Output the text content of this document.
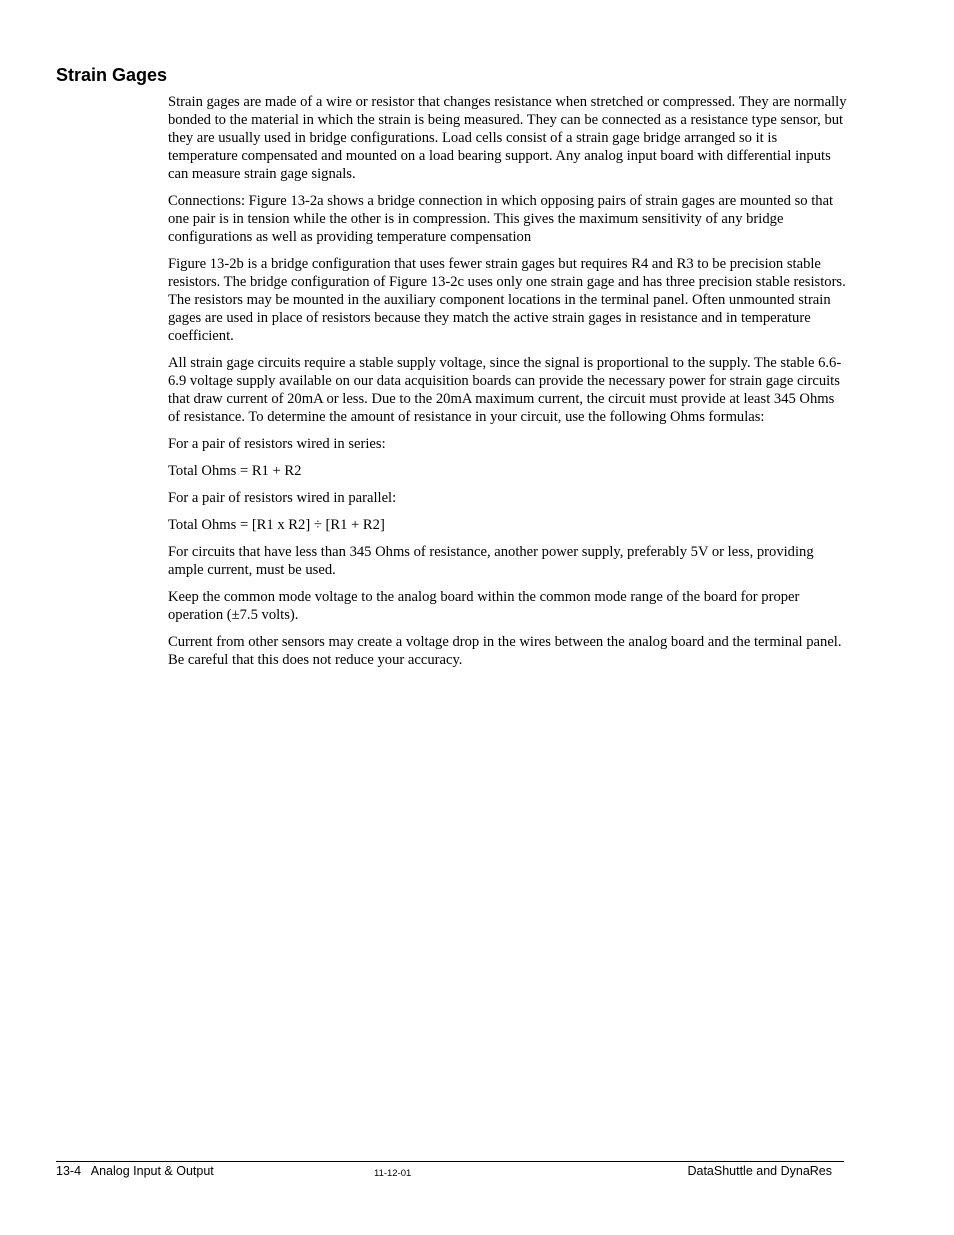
Strain Gages

Strain gages are made of a wire or resistor that changes resistance when stretched or compressed. They are normally bonded to the material in which the strain is being measured. They can be connected as a resistance type sensor, but they are usually used in bridge configurations. Load cells consist of a strain gage bridge arranged so it is temperature compensated and mounted on a load bearing support. Any analog input board with differential inputs can measure strain gage signals.

Connections: Figure 13-2a shows a bridge connection in which opposing pairs of strain gages are mounted so that one pair is in tension while the other is in compression. This gives the maximum sensitivity of any bridge configurations as well as providing temperature compensation

Figure 13-2b is a bridge configuration that uses fewer strain gages but requires R4 and R3 to be precision stable resistors. The bridge configuration of Figure 13-2c uses only one strain gage and has three precision stable resistors. The resistors may be mounted in the auxiliary component locations in the terminal panel. Often unmounted strain gages are used in place of resistors because they match the active strain gages in resistance and in temperature coefficient.

All strain gage circuits require a stable supply voltage, since the signal is proportional to the supply. The stable 6.6-6.9 voltage supply available on our data acquisition boards can provide the necessary power for strain gage circuits that draw current of 20mA or less. Due to the 20mA maximum current, the circuit must provide at least 345 Ohms of resistance. To determine the amount of resistance in your circuit, use the following Ohms formulas:

For a pair of resistors wired in series:

Total Ohms = R1 + R2

For a pair of resistors wired in parallel:

Total Ohms = [R1 x R2] ÷ [R1 + R2]

For circuits that have less than 345 Ohms of resistance, another power supply, preferably 5V or less, providing ample current, must be used.

Keep the common mode voltage to the analog board within the common mode range of the board for proper operation (±7.5 volts).

Current from other sensors may create a voltage drop in the wires between the analog board and the terminal panel. Be careful that this does not reduce your accuracy.

13-4   Analog Input & Output	11-12-01	DataShuttle and DynaRes
